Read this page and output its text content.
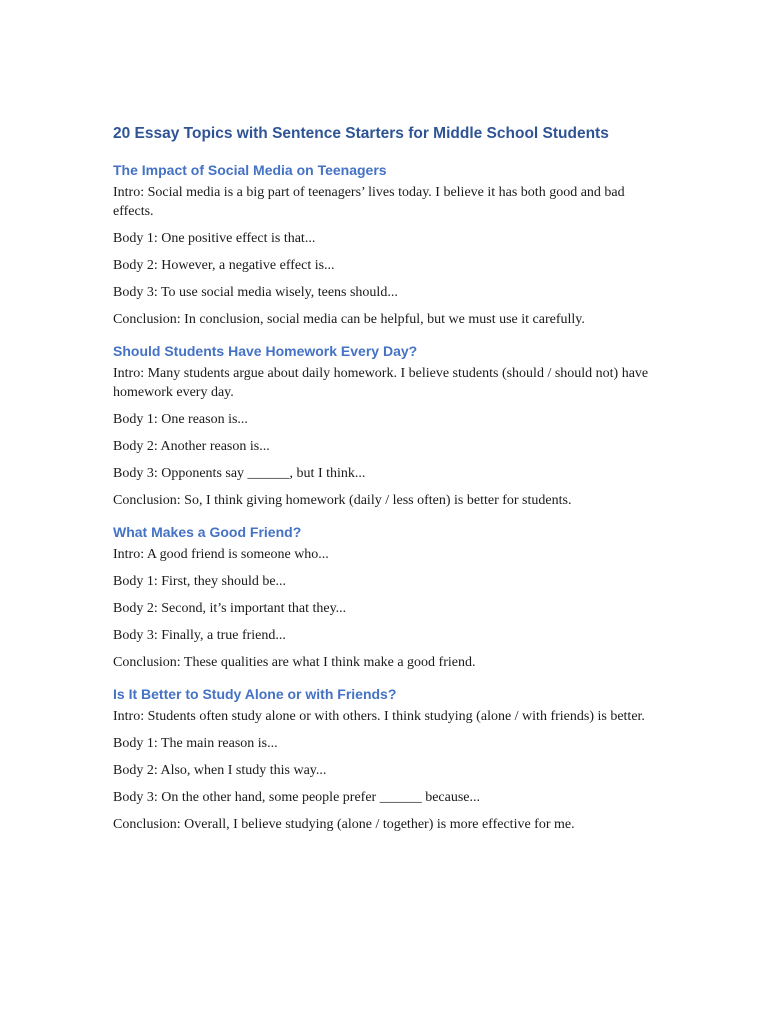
20 Essay Topics with Sentence Starters for Middle School Students
The Impact of Social Media on Teenagers

Intro: Social media is a big part of teenagers’ lives today. I believe it has both good and bad effects.

Body 1: One positive effect is that...

Body 2: However, a negative effect is...

Body 3: To use social media wisely, teens should...

Conclusion: In conclusion, social media can be helpful, but we must use it carefully.

Should Students Have Homework Every Day?

Intro: Many students argue about daily homework. I believe students (should / should not) have homework every day.

Body 1: One reason is...

Body 2: Another reason is...

Body 3: Opponents say ______, but I think...

Conclusion: So, I think giving homework (daily / less often) is better for students.

What Makes a Good Friend?

Intro: A good friend is someone who...

Body 1: First, they should be...

Body 2: Second, it’s important that they...

Body 3: Finally, a true friend...

Conclusion: These qualities are what I think make a good friend.

Is It Better to Study Alone or with Friends?

Intro: Students often study alone or with others. I think studying (alone / with friends) is better.

Body 1: The main reason is...

Body 2: Also, when I study this way...

Body 3: On the other hand, some people prefer ______ because...

Conclusion: Overall, I believe studying (alone / together) is more effective for me.
